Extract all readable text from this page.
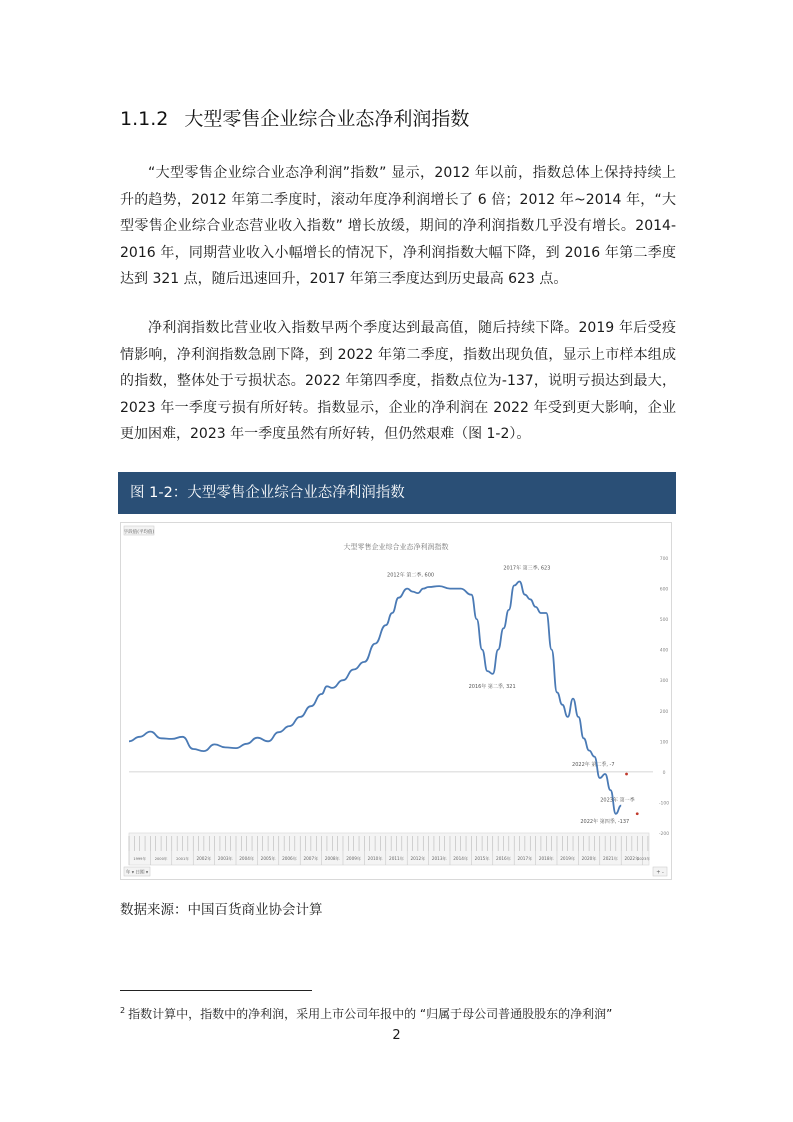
1.1.2 大型零售企业综合业态净利润指数
“大型零售企业综合业态净利润”指数” 显示，2012 年以前，指数总体上保持持续上升的趋势，2012 年第二季度时，滚动年度净利润增长了 6 倍；2012 年~2014 年，“大型零售企业综合业态营业收入指数” 增长放缓，期间的净利润指数几乎没有增长。2014-2016 年，同期营业收入小幅增长的情况下，净利润指数大幅下降，到 2016 年第二季度达到 321 点，随后迅速回升，2017 年第三季度达到历史最高 623 点。
净利润指数比营业收入指数早两个季度达到最高值，随后持续下降。2019 年后受疫情影响，净利润指数急剧下降，到 2022 年第二季度，指数出现负值，显示上市样本组成的指数，整体处于亏损状态。2022 年第四季度，指数点位为-137，说明亏损达到最大，2023 年一季度亏损有所好转。指数显示，企业的净利润在 2022 年受到更大影响，企业更加困难，2023 年一季度虽然有所好转，但仍然艰难（图 1-2）。
图 1-2：大型零售企业综合业态净利润指数
字段值(平均值)
大型零售企业综合业态净利润指数
700
600
500
400
300
200
100
0
-100
-200
1999年 2000年 2001年 2002年 2003年 2004年 2005年 2006年 2007年 2008年 2009年 2010年 2011年 2012年 2013年 2014年 2015年 2016年 2017年 2018年 2019年 2020年 2021年 2022年
2023年
2012年 第二季, 600
2016年 第二季, 321
2017年 第三季, 623
2022年 第二季, -7
2023年 第一季
2022年 第四季, -137
年 ▾ 日期 ▾	+ -
数据来源：中国百货商业协会计算
$^2$ 指数计算中，指数中的净利润，采用上市公司年报中的 “归属于母公司普通股股东的净利润”
2
